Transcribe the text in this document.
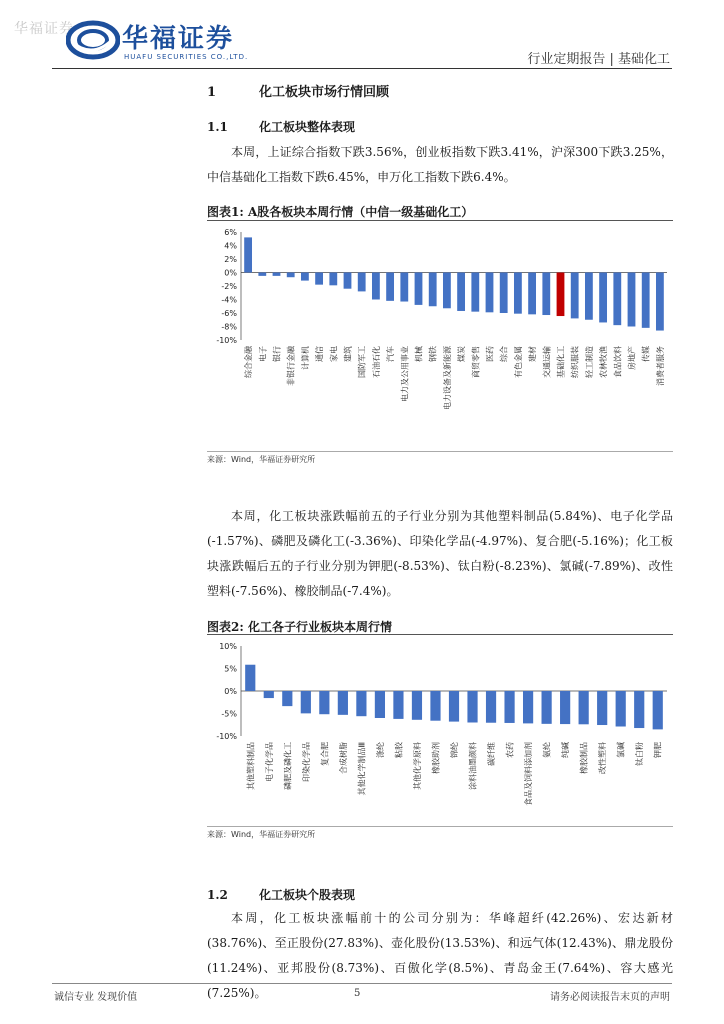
华福证券 华福证券
HUAFU SECURITIES CO.,LTD.	行业定期报告 | 基础化工
1	化工板块市场行情回顾
1.1	化工板块整体表现

本周，上证综合指数下跌3.56%，创业板指数下跌3.41%，沪深300下跌3.25%，中信基础化工指数下跌6.45%，申万化工指数下跌6.4%。

图表1: A股各板块本周行情（中信一级基础化工）
6%
4%
2%
0%
-2%
-4%
-6%
-8%
-10%
综合金融 电子 银行 非银行金融 计算机 通信 家电 建筑 国防军工 石油石化 汽车 电力及公用事业 机械 钢铁 电力设备及新能源 煤炭 商贸零售 医药 综合 有色金属 建材 交通运输 基础化工 纺织服装 轻工制造 农林牧渔 食品饮料 房地产 传媒 消费者服务
来源：Wind，华福证券研究所

本周，化工板块涨跌幅前五的子行业分别为其他塑料制品(5.84%)、电子化学品(-1.57%)、磷肥及磷化工(-3.36%)、印染化学品(-4.97%)、复合肥(-5.16%)；化工板块涨跌幅后五的子行业分别为钾肥(-8.53%)、钛白粉(-8.23%)、氯碱(-7.89%)、改性塑料(-7.56%)、橡胶制品(-7.4%)。

图表2: 化工各子行业板块本周行情
10%
5%
0%
-5%
-10%
其他塑料制品 电子化学品 磷肥及磷化工 印染化学品 复合肥 合成树脂 其他化学制品Ⅲ 涤纶 粘胶 其他化学原料 橡胶助剂 锦纶 涂料油墨颜料 碳纤维 农药 食品及饲料添加剂 氨纶 纯碱 橡胶制品 改性塑料 氯碱 钛白粉 钾肥
来源：Wind，华福证券研究所
1.2	化工板块个股表现

本周，化工板块涨幅前十的公司分别为：华峰超纤(42.26%)、宏达新材(38.76%)、至正股份(27.83%)、壶化股份(13.53%)、和远气体(12.43%)、鼎龙股份(11.24%)、亚邦股份(8.73%)、百傲化学(8.5%)、青岛金王(7.64%)、容大感光(7.25%)。

诚信专业 发现价值	5	请务必阅读报告末页的声明
